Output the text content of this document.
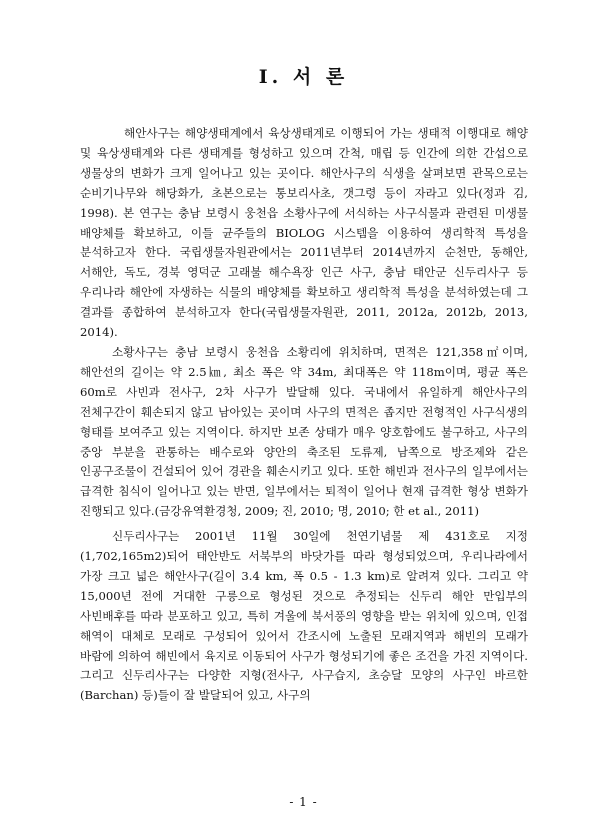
Ⅰ. 서 론

해안사구는 해양생태계에서 육상생태계로 이행되어 가는 생태적 이행대로 해양 및 육상생태계와 다른 생태계를 형성하고 있으며 간척, 매립 등 인간에 의한 간섭으로 생물상의 변화가 크게 일어나고 있는 곳이다. 해안사구의 식생을 살펴보면 관목으로는 순비기나무와 해당화가, 초본으로는 통보리사초, 갯그령 등이 자라고 있다(정과 김, 1998). 본 연구는 충남 보령시 웅천읍 소황사구에 서식하는 사구식물과 관련된 미생물 배양체를 확보하고, 이들 균주들의 BIOLOG 시스템을 이용하여 생리학적 특성을 분석하고자 한다. 국립생물자원관에서는 2011년부터 2014년까지 순천만, 동해안, 서해안, 독도, 경북 영덕군 고래불 해수욕장 인근 사구, 충남 태안군 신두리사구 등 우리나라 해안에 자생하는 식물의 배양체를 확보하고 생리학적 특성을 분석하였는데 그 결과를 종합하여 분석하고자 한다(국립생물자원관, 2011, 2012a, 2012b, 2013, 2014).

소황사구는 충남 보령시 웅천읍 소황리에 위치하며, 면적은 121,358㎡이며, 해안선의 길이는 약 2.5㎞, 최소 폭은 약 34m, 최대폭은 약 118m이며, 평균 폭은 60m로 사빈과 전사구, 2차 사구가 발달해 있다. 국내에서 유일하게 해안사구의 전체구간이 훼손되지 않고 남아있는 곳이며 사구의 면적은 좁지만 전형적인 사구식생의 형태를 보여주고 있는 지역이다. 하지만 보존 상태가 매우 양호함에도 불구하고, 사구의 중앙 부분을 관통하는 배수로와 양안의 축조된 도류제, 남쪽으로 방조제와 같은 인공구조물이 건설되어 있어 경관을 훼손시키고 있다. 또한 해빈과 전사구의 일부에서는 급격한 침식이 일어나고 있는 반면, 일부에서는 퇴적이 일어나 현재 급격한 형상 변화가 진행되고 있다.(금강유역환경청, 2009; 진, 2010; 명, 2010; 한 et al., 2011)

신두리사구는 2001년 11월 30일에 천연기념물 제 431호로 지정(1,702,165m2)되어 태안반도 서북부의 바닷가를 따라 형성되었으며, 우리나라에서 가장 크고 넓은 해안사구(길이 3.4 km, 폭 0.5 - 1.3 km)로 알려져 있다. 그리고 약 15,000년 전에 거대한 구릉으로 형성된 것으로 추정되는 신두리 해안 만입부의 사빈배후를 따라 분포하고 있고, 특히 겨울에 북서풍의 영향을 받는 위치에 있으며, 인접 해역이 대체로 모래로 구성되어 있어서 간조시에 노출된 모래지역과 해빈의 모래가 바람에 의하여 해빈에서 육지로 이동되어 사구가 형성되기에 좋은 조건을 가진 지역이다. 그리고 신두리사구는 다양한 지형(전사구, 사구습지, 초승달 모양의 사구인 바르한(Barchan) 등)들이 잘 발달되어 있고, 사구의

- 1 -
